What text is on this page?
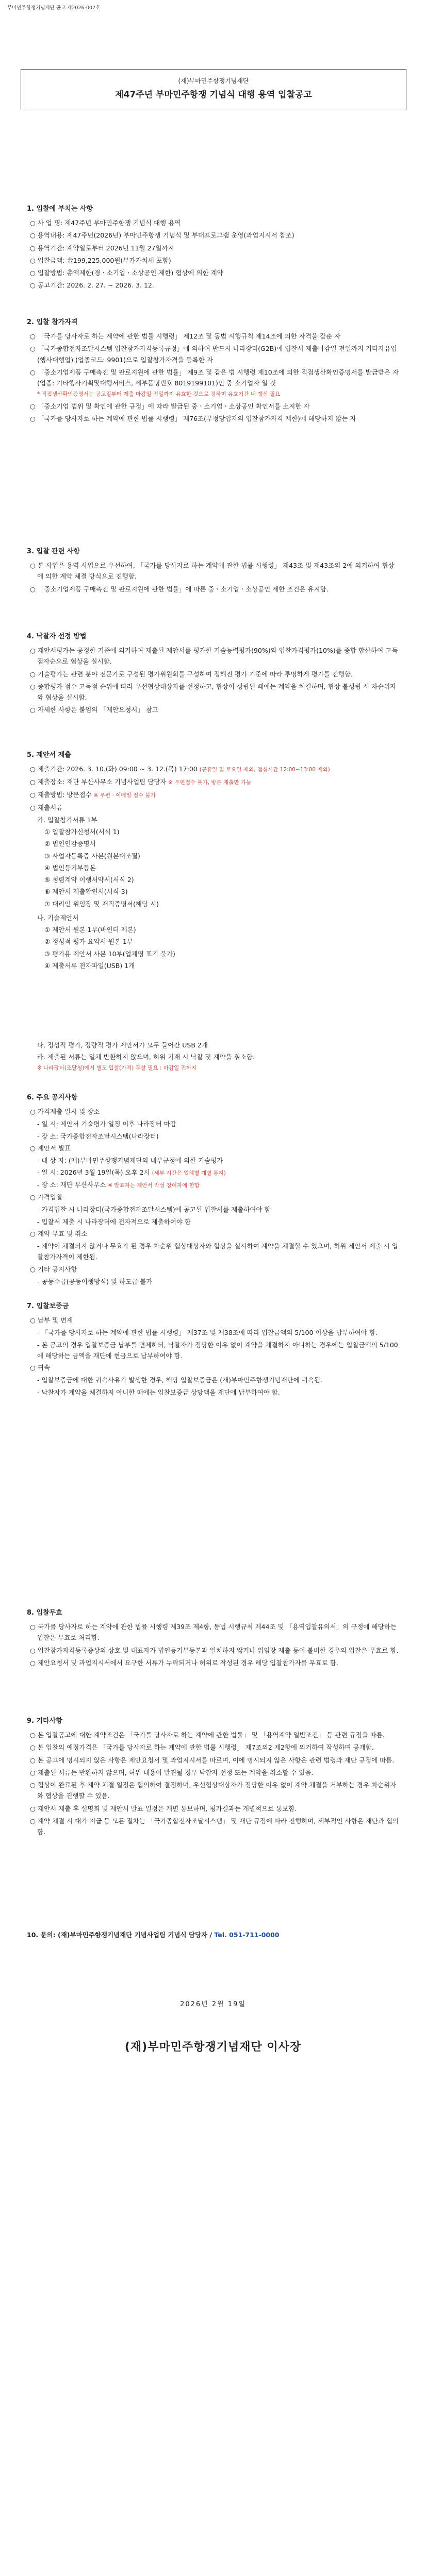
부마민주항쟁기념재단 공고 제2026-002호
(재)부마민주항쟁기념재단
제47주년 부마민주항쟁 기념식 대행 용역 입찰공고
1. 입찰에 부치는 사항
○ 사 업 명: 제47주년 부마민주항쟁 기념식 대행 용역
○ 용역내용: 제47주년(2026년) 부마민주항쟁 기념식 및 부대프로그램 운영(과업지시서 참조)
○ 용역기간: 계약일로부터 2026년 11월 27일까지
○ 입찰금액: 金199,225,000원(부가가치세 포함)
○ 입찰방법: 총액제한(경ㆍ소기업ㆍ소상공인 제한) 협상에 의한 계약
○ 공고기간: 2026. 2. 27. ~ 2026. 3. 12.
2. 입찰 참가자격
○ 「국가를 당사자로 하는 계약에 관한 법률 시행령」 제12조 및 동법 시행규칙 제14조에 의한 자격을 갖춘 자
○ 「국가종합전자조달시스템 입찰참가자격등록규정」에 의하여 반드시 나라장터(G2B)에 입찰서 제출마감일 전일까지 기타자유업(행사대행업) (업종코드: 9901)으로 입찰참가자격을 등록한 자
○ 「중소기업제품 구매촉진 및 판로지원에 관한 법률」 제9조 및 같은 법 시행령 제10조에 의한 직접생산확인증명서를 발급받은 자(업종: 기타행사기획및대행서비스, 세부품명번호 8019199101)인 중 소기업자 일 것
* 직접생산확인증명서는 공고일부터 제출 마감일 전일까지 유효한 것으로 정하며 유효기간 내 갱신 필요
○ 「중소기업 범위 및 확인에 관한 규정」에 따라 발급된 중ㆍ소기업ㆍ소상공인 확인서를 소지한 자
○ 「국가를 당사자로 하는 계약에 관한 법률 시행령」 제76조(부정당업자의 입찰참가자격 제한)에 해당하지 않는 자
3. 입찰 관련 사항
○ 본 사업은 용역 사업으로 우선하여, 「국가를 당사자로 하는 계약에 관한 법률 시행령」 제43조 및 제43조의 2에 의거하여 협상에 의한 계약 체결 방식으로 진행함.
○ 「중소기업제품 구매촉진 및 판로지원에 관한 법률」에 따른 중ㆍ소기업ㆍ소상공인 제한 조건은 유지함.
4. 낙찰자 선정 방법
○ 제안서평가는 공정한 기준에 의거하여 제출된 제안서를 평가한 기술능력평가(90%)와 입찰가격평가(10%)를 종합 합산하여 고득점자순으로 협상을 실시함.
○ 기술평가는 관련 분야 전문가로 구성된 평가위원회를 구성하여 정해진 평가 기준에 따라 투명하게 평가를 진행함.
○ 종합평가 점수 고득점 순위에 따라 우선협상대상자를 선정하고, 협상이 성립된 때에는 계약을 체결하며, 협상 불성립 시 차순위자와 협상을 실시함.
○ 자세한 사항은 붙임의 「제안요청서」 참고
5. 제안서 제출
○ 제출기간: 2026. 3. 10.(화) 09:00 ~ 3. 12.(목) 17:00 (공휴일 및 토요일 제외, 점심시간 12:00~13:00 제외)
○ 제출장소: 재단 부산사무소 기념사업팀 담당자 ※ 우편접수 불가, 방문 제출만 가능
○ 제출방법: 방문접수 ※ 우편ㆍ이메일 접수 불가
○ 제출서류
가. 입찰참가서류 1부
① 입찰참가신청서(서식 1)
② 법인인감증명서
③ 사업자등록증 사본(원본대조필)
④ 법인등기부등본
⑤ 청렴계약 이행서약서(서식 2)
⑥ 제안서 제출확인서(서식 3)
⑦ 대리인 위임장 및 재직증명서(해당 시)
나. 기술제안서
① 제안서 원본 1부(바인더 제본)
② 정성적 평가 요약서 원본 1부
③ 평가용 제안서 사본 10부(업체명 표기 불가)
④ 제출서류 전자파일(USB) 1개
다. 정성적 평가, 정량적 평가 제안서가 모두 들어간 USB 2개
라. 제출된 서류는 일체 반환하지 않으며, 허위 기재 시 낙찰 및 계약을 취소함.
※ 나라장터(조달청)에서 별도 입찰(가격) 투찰 필요 : 마감일 전까지
6. 주요 공지사항
○ 가격제출 일시 및 장소
- 일 시: 제안서 기술평가 일정 이후 나라장터 마감
- 장 소: 국가종합전자조달시스템(나라장터)
○ 제안서 발표
- 대 상 자: (재)부마민주항쟁기념재단의 내부규정에 의한 기술평가
- 일 시: 2026년 3월 19일(목) 오후 2시 (세부 시간은 업체별 개별 통지)
- 장 소: 재단 부산사무소 ※ 발표자는 제안서 작성 참여자에 한함
○ 가격입찰
- 가격입찰 시 나라장터(국가종합전자조달시스템)에 공고된 입찰서를 제출하여야 함
- 입찰서 제출 시 나라장터에 전자적으로 제출하여야 함
○ 계약 무효 및 취소
- 계약이 체결되지 않거나 무효가 된 경우 차순위 협상대상자와 협상을 실시하여 계약을 체결할 수 있으며, 허위 제안서 제출 시 입찰참가자격이 제한됨.
○ 기타 공지사항
- 공동수급(공동이행방식) 및 하도급 불가
7. 입찰보증금
○ 납부 및 면제
- 「국가를 당사자로 하는 계약에 관한 법률 시행령」 제37조 및 제38조에 따라 입찰금액의 5/100 이상을 납부하여야 함.
- 본 공고의 경우 입찰보증금 납부를 면제하되, 낙찰자가 정당한 이유 없이 계약을 체결하지 아니하는 경우에는 입찰금액의 5/100에 해당하는 금액을 재단에 현금으로 납부하여야 함.
○ 귀속
- 입찰보증금에 대한 귀속사유가 발생한 경우, 해당 입찰보증금은 (재)부마민주항쟁기념재단에 귀속됨.
- 낙찰자가 계약을 체결하지 아니한 때에는 입찰보증금 상당액을 재단에 납부하여야 함.
8. 입찰무효
○ 국가를 당사자로 하는 계약에 관한 법률 시행령 제39조 제4항, 동법 시행규칙 제44조 및 「용역입찰유의서」의 규정에 해당하는 입찰은 무효로 처리함.
○ 입찰참가자격등록증상의 상호 및 대표자가 법인등기부등본과 일치하지 않거나 위임장 제출 등이 불비한 경우의 입찰은 무효로 함.
○ 제안요청서 및 과업지시서에서 요구한 서류가 누락되거나 허위로 작성된 경우 해당 입찰참가자를 무효로 함.
9. 기타사항
○ 본 입찰공고에 대한 계약조건은 「국가를 당사자로 하는 계약에 관한 법률」 및 「용역계약 일반조건」 등 관련 규정을 따름.
○ 본 입찰의 예정가격은 「국가를 당사자로 하는 계약에 관한 법률 시행령」 제7조의2 제2항에 의거하여 작성하며 공개함.
○ 본 공고에 명시되지 않은 사항은 제안요청서 및 과업지시서를 따르며, 이에 명시되지 않은 사항은 관련 법령과 재단 규정에 따름.
○ 제출된 서류는 반환하지 않으며, 허위 내용이 발견될 경우 낙찰자 선정 또는 계약을 취소할 수 있음.
○ 협상이 완료된 후 계약 체결 일정은 협의하여 결정하며, 우선협상대상자가 정당한 이유 없이 계약 체결을 거부하는 경우 차순위자와 협상을 진행할 수 있음.
○ 제안서 제출 후 설명회 및 제안서 발표 일정은 개별 통보하며, 평가결과는 개별적으로 통보함.
○ 계약 체결 시 대가 지급 등 모든 절차는 「국가종합전자조달시스템」 및 재단 규정에 따라 진행하며, 세부적인 사항은 재단과 협의함.
10. 문의: (재)부마민주항쟁기념재단 기념사업팀 기념식 담당자 / Tel. 051-711-0000
2026년 2월 19일
(재)부마민주항쟁기념재단 이사장
